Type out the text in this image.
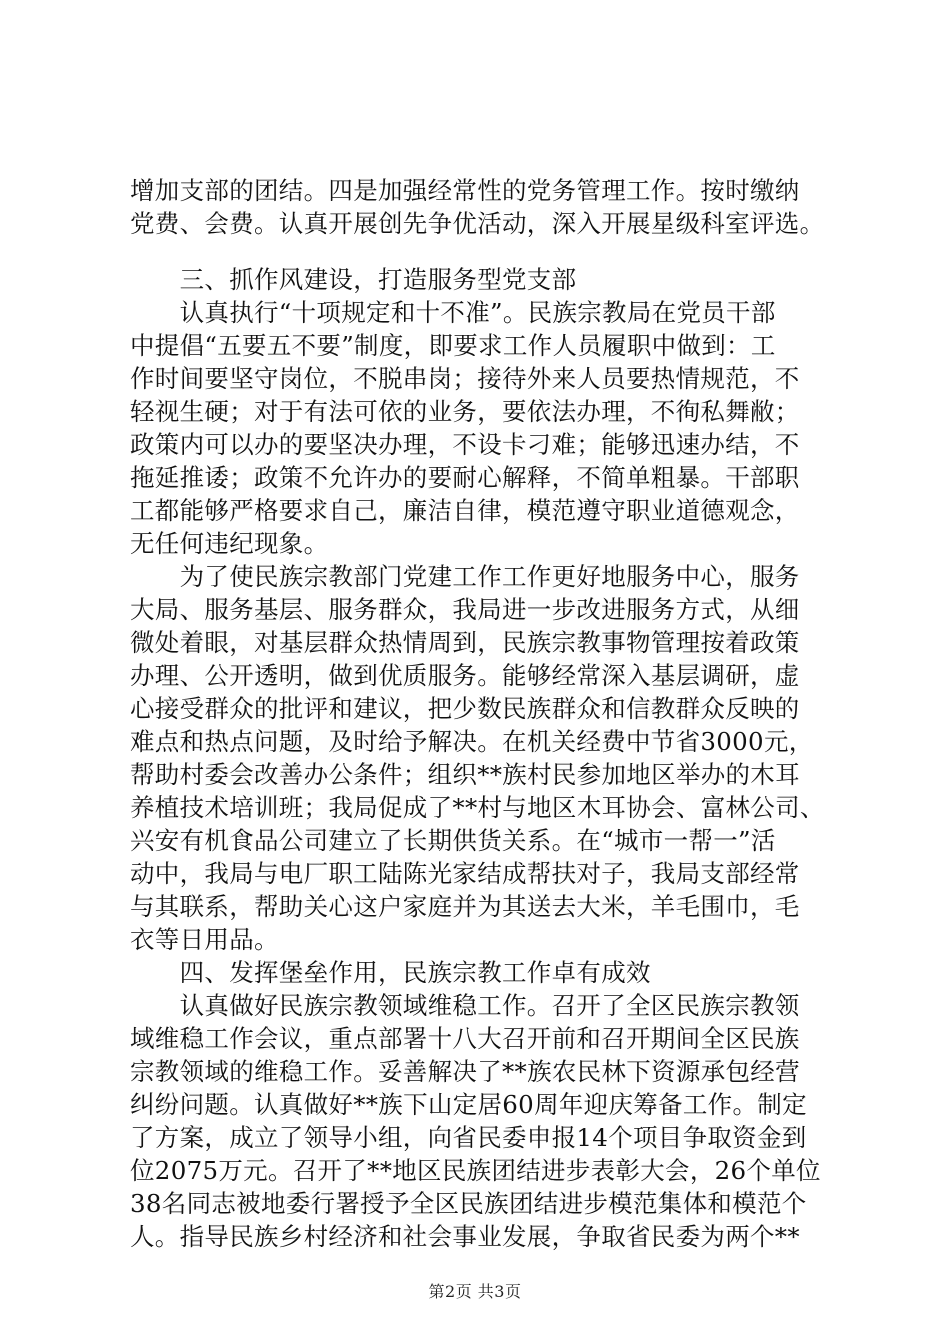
增加支部的团结。四是加强经常性的党务管理工作。按时缴纳
党费、会费。认真开展创先争优活动，深入开展星级科室评选。
　　三、抓作风建设，打造服务型党支部
　　认真执行“十项规定和十不准”。民族宗教局在党员干部
中提倡“五要五不要”制度，即要求工作人员履职中做到：工
作时间要坚守岗位，不脱串岗；接待外来人员要热情规范，不
轻视生硬；对于有法可依的业务，要依法办理，不徇私舞敝；
政策内可以办的要坚决办理，不设卡刁难；能够迅速办结，不
拖延推诿；政策不允许办的要耐心解释，不简单粗暴。干部职
工都能够严格要求自己，廉洁自律，模范遵守职业道德观念，
无任何违纪现象。
　　为了使民族宗教部门党建工作工作更好地服务中心，服务
大局、服务基层、服务群众，我局进一步改进服务方式，从细
微处着眼，对基层群众热情周到，民族宗教事物管理按着政策
办理、公开透明，做到优质服务。能够经常深入基层调研，虚
心接受群众的批评和建议，把少数民族群众和信教群众反映的
难点和热点问题，及时给予解决。在机关经费中节省3000元，
帮助村委会改善办公条件；组织**族村民参加地区举办的木耳
养植技术培训班；我局促成了**村与地区木耳协会、富林公司、
兴安有机食品公司建立了长期供货关系。在“城市一帮一”活
动中，我局与电厂职工陆陈光家结成帮扶对子，我局支部经常
与其联系，帮助关心这户家庭并为其送去大米，羊毛围巾，毛
衣等日用品。
　　四、发挥堡垒作用，民族宗教工作卓有成效
　　认真做好民族宗教领域维稳工作。召开了全区民族宗教领
域维稳工作会议，重点部署十八大召开前和召开期间全区民族
宗教领域的维稳工作。妥善解决了**族农民林下资源承包经营
纠纷问题。认真做好**族下山定居60周年迎庆筹备工作。制定
了方案，成立了领导小组，向省民委申报14个项目争取资金到
位2075万元。召开了**地区民族团结进步表彰大会，26个单位
38名同志被地委行署授予全区民族团结进步模范集体和模范个
人。指导民族乡村经济和社会事业发展，争取省民委为两个**
第2页 共3页
